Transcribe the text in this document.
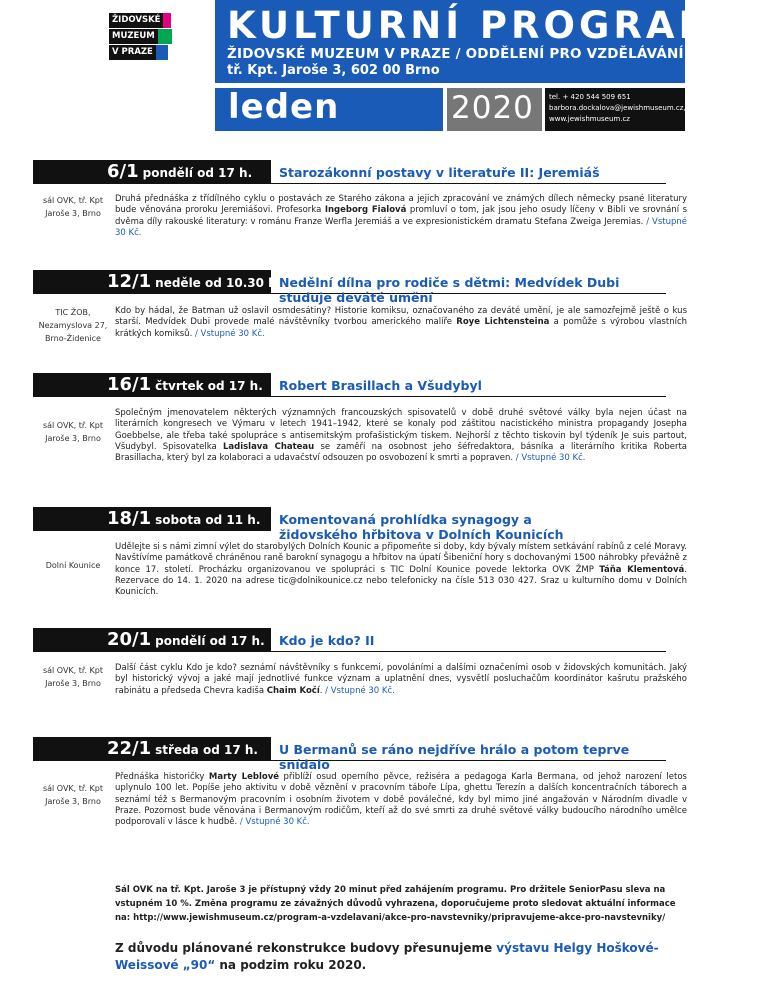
ŽIDOVSKÉ
MUZEUM
V PRAZE
KULTURNÍ PROGRAM
ŽIDOVSKÉ MUZEUM V PRAZE / ODDĚLENÍ PRO VZDĚLÁVÁNÍ A KULTURU
tř. Kpt. Jaroše 3, 602 00 Brno
leden	2020 tel. + 420 544 509 651
barbora.dockalova@jewishmuseum.cz,
www.jewishmuseum.cz
6/1 pondělí od 17 h. Starozákonní postavy v literatuře II: Jeremiáš
sál OVK, tř. Kpt Jaroše 3, Brno
Druhá přednáška z třídílného cyklu o postavách ze Starého zákona a jejich zpracování ve známých dílech německy psané literatury bude věnována proroku Jeremiášovi. Profesorka Ingeborg Fialová promluví o tom, jak jsou jeho osudy líčeny v Bibli ve srovnání s dvěma díly rakouské literatury: v románu Franze Werfla Jeremiáš a ve expresionistickém dramatu Stefana Zweiga Jeremias. / Vstupné 30 Kč.
12/1 neděle od 10.30 h.
Nedělní dílna pro rodiče s dětmi: Medvídek Dubi studuje deváté umění
TIC ŽOB, Nezamyslova 27, Brno-Židenice
Kdo by hádal, že Batman už oslavil osmdesátiny? Historie komiksu, označovaného za deváté umění, je ale samozřejmě ještě o kus starší. Medvídek Dubi provede malé návštěvníky tvorbou amerického malíře Roye Lichtensteina a pomůže s výrobou vlastních krátkých komiksů. / Vstupné 30 Kč.
16/1 čtvrtek od 17 h. Robert Brasillach a Všudybyl
sál OVK, tř. Kpt Jaroše 3, Brno
Společným jmenovatelem některých významných francouzských spisovatelů v době druhé světové války byla nejen účast na literárních kongresech ve Výmaru v letech 1941–1942, které se konaly pod záštitou nacistického ministra propagandy Josepha Goebbelse, ale třeba také spolupráce s antisemitským profašistickým tiskem. Nejhorší z těchto tiskovin byl týdeník Je suis partout, Všudybyl. Spisovatelka Ladislava Chateau se zaměří na osobnost jeho šéfredaktora, básníka a literárního kritika Roberta Brasillacha, který byl za kolaboraci a udavačství odsouzen po osvobození k smrti a popraven. / Vstupné 30 Kč.
18/1 sobota od 11 h. Komentovaná prohlídka synagogy a židovského hřbitova v Dolních Kounicích
Dolní Kounice
Udělejte si s námi zimní výlet do starobylých Dolních Kounic a připomeňte si doby, kdy bývaly místem setkávání rabínů z celé Moravy. Navštívíme památkově chráněnou raně barokní synagogu a hřbitov na úpatí Šibeniční hory s dochovanými 1500 náhrobky převážně z konce 17. století. Procházku organizovanou ve spolupráci s TIC Dolní Kounice povede lektorka OVK ŽMP Táňa Klementová. Rezervace do 14. 1. 2020 na adrese tic@dolnikounice.cz nebo telefonicky na čísle 513 030 427. Sraz u kulturního domu v Dolních Kounicích.
20/1 pondělí od 17 h. Kdo je kdo? II
sál OVK, tř. Kpt Jaroše 3, Brno
Další část cyklu Kdo je kdo? seznámí návštěvníky s funkcemi, povoláními a dalšími označeními osob v židovských komunitách. Jaký byl historický vývoj a jaké mají jednotlivé funkce význam a uplatnění dnes, vysvětlí posluchačům koordinátor kašrutu pražského rabinátu a předseda Chevra kadiša Chaim Kočí. / Vstupné 30 Kč.
22/1 středa od 17 h. U Bermanů se ráno nejdříve hrálo a potom teprve snídalo
sál OVK, tř. Kpt Jaroše 3, Brno
Přednáška historičky Marty Leblové přiblíží osud operního pěvce, režiséra a pedagoga Karla Bermana, od jehož narození letos uplynulo 100 let. Popíše jeho aktivitu v době věznění v pracovním táboře Lípa, ghettu Terezín a dalších koncentračních táborech a seznámí též s Bermanovým pracovním i osobním životem v době poválečné, kdy byl mimo jiné angažován v Národním divadle v Praze. Pozornost bude věnována i Bermanovým rodičům, kteří až do své smrti za druhé světové války budoucího národního umělce podporovali v lásce k hudbě. / Vstupné 30 Kč.
Sál OVK na tř. Kpt. Jaroše 3 je přístupný vždy 20 minut před zahájením programu. Pro držitele SeniorPasu sleva na vstupném 10 %. Změna programu ze závažných důvodů vyhrazena, doporučujeme proto sledovat aktuální informace na: http://www.jewishmuseum.cz/program-a-vzdelavani/akce-pro-navstevniky/pripravujeme-akce-pro-navstevniky/
Z důvodu plánované rekonstrukce budovy přesunujeme výstavu Helgy Hoškové-Weissové „90“ na podzim roku 2020.
